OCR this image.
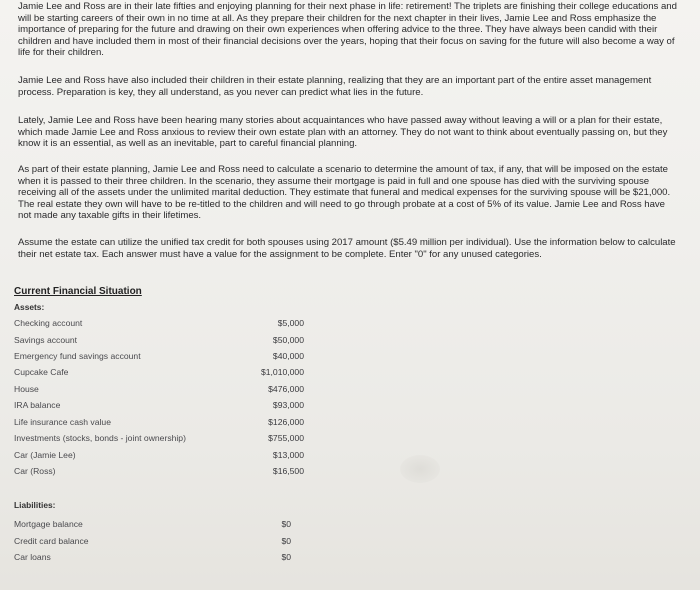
Jamie Lee and Ross are in their late fifties and enjoying planning for their next phase in life: retirement! The triplets are finishing their college educations and will be starting careers of their own in no time at all. As they prepare their children for the next chapter in their lives, Jamie Lee and Ross emphasize the importance of preparing for the future and drawing on their own experiences when offering advice to the three. They have always been candid with their children and have included them in most of their financial decisions over the years, hoping that their focus on saving for the future will also become a way of life for their children.

Jamie Lee and Ross have also included their children in their estate planning, realizing that they are an important part of the entire asset management process. Preparation is key, they all understand, as you never can predict what lies in the future.

Lately, Jamie Lee and Ross have been hearing many stories about acquaintances who have passed away without leaving a will or a plan for their estate, which made Jamie Lee and Ross anxious to review their own estate plan with an attorney. They do not want to think about eventually passing on, but they know it is an essential, as well as an inevitable, part to careful financial planning.

As part of their estate planning, Jamie Lee and Ross need to calculate a scenario to determine the amount of tax, if any, that will be imposed on the estate when it is passed to their three children. In the scenario, they assume their mortgage is paid in full and one spouse has died with the surviving spouse receiving all of the assets under the unlimited marital deduction. They estimate that funeral and medical expenses for the surviving spouse will be $21,000. The real estate they own will have to be re-titled to the children and will need to go through probate at a cost of 5% of its value. Jamie Lee and Ross have not made any taxable gifts in their lifetimes.

Assume the estate can utilize the unified tax credit for both spouses using 2017 amount ($5.49 million per individual). Use the information below to calculate their net estate tax. Each answer must have a value for the assignment to be complete. Enter "0" for any unused categories.

Current Financial Situation
Assets:
Checking account	$5,000
Savings account	$50,000
Emergency fund savings account	$40,000
Cupcake Cafe	$1,010,000
House	$476,000
IRA balance	$93,000
Life insurance cash value	$126,000
Investments (stocks, bonds - joint ownership)	$755,000
Car (Jamie Lee)	$13,000
Car (Ross)	$16,500
Liabilities:
Mortgage balance	$0
Credit card balance	$0
Car loans	$0
